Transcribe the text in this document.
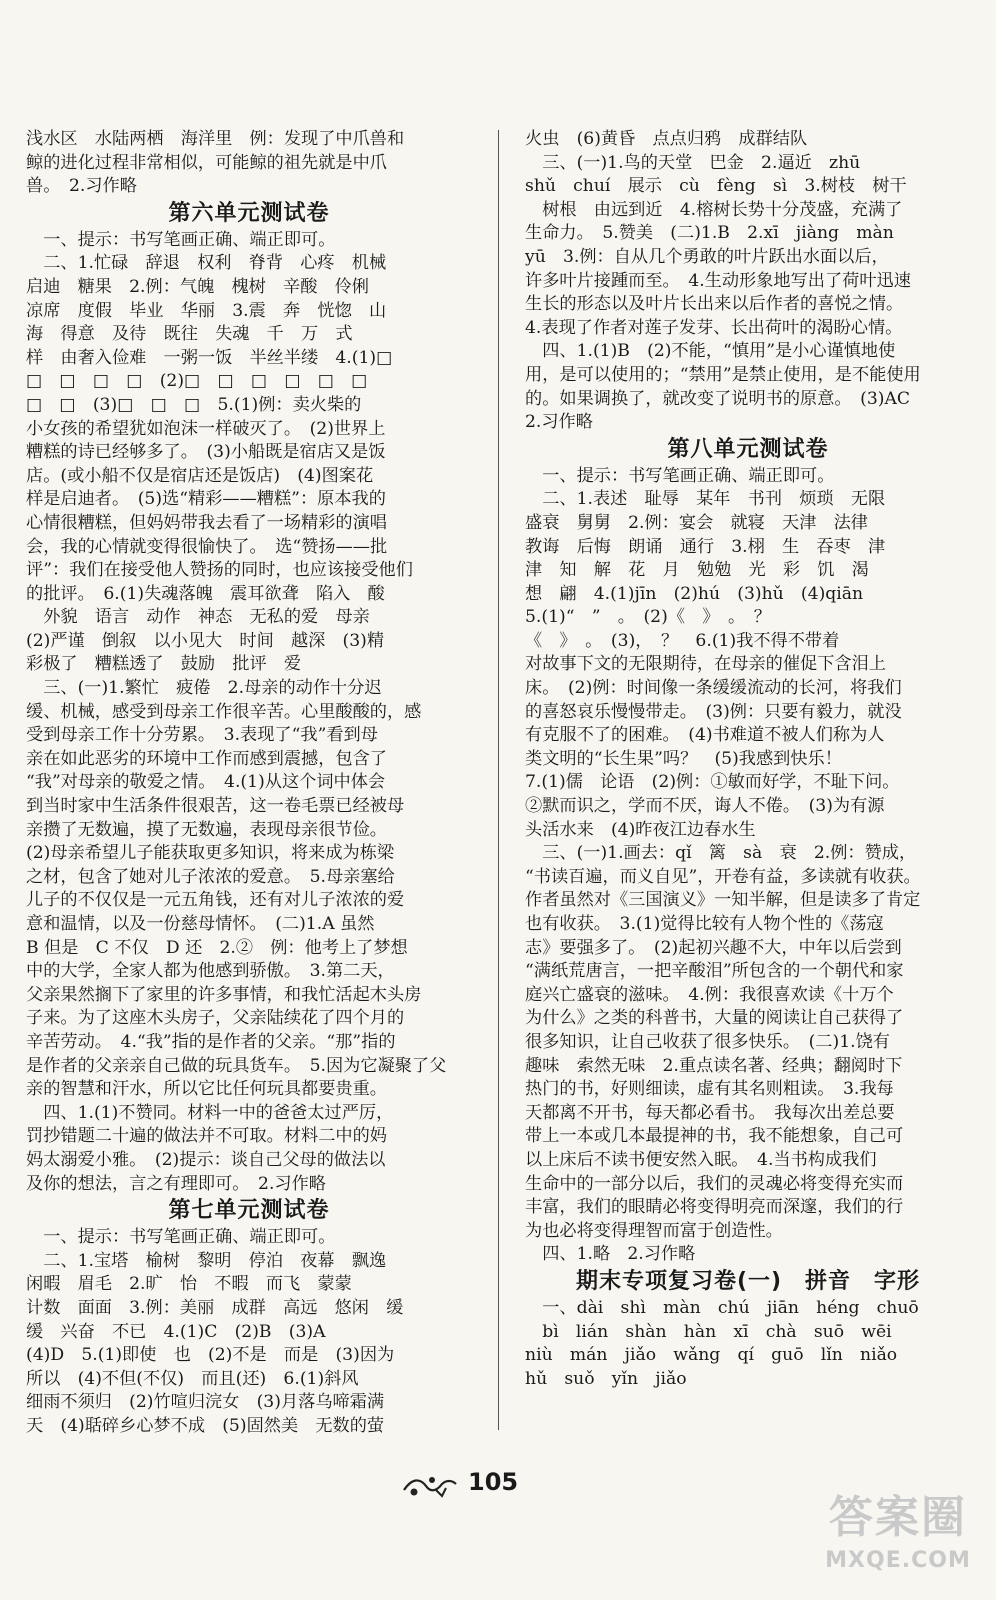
浅水区　水陆两栖　海洋里　例：发现了中爪兽和
鲸的进化过程非常相似，可能鲸的祖先就是中爪
兽。　2.习作略
第六单元测试卷
　一、提示：书写笔画正确、端正即可。
　二、1.忙碌　辞退　权利　脊背　心疼　机械
启迪　糖果　2.例：气魄　槐树　辛酸　伶俐
凉席　度假　毕业　华丽　3.震　奔　恍惚　山
海　得意　及待　既往　失魂　千　万　式
样　由奢入俭难　一粥一饭　半丝半缕　4.(1)□
□　□　□　□　(2)□　□　□　□　□　□
□　□　(3)□　□　□　5.(1)例：卖火柴的
小女孩的希望犹如泡沫一样破灭了。　(2)世界上
糟糕的诗已经够多了。　(3)小船既是宿店又是饭
店。(或小船不仅是宿店还是饭店)　(4)图案花
样是启迪者。　(5)选“精彩——糟糕”：原本我的
心情很糟糕，但妈妈带我去看了一场精彩的演唱
会，我的心情就变得很愉快了。　选“赞扬——批
评”：我们在接受他人赞扬的同时，也应该接受他们
的批评。　6.(1)失魂落魄　震耳欲聋　陷入　酸
　外貌　语言　动作　神态　无私的爱　母亲
(2)严谨　倒叙　以小见大　时间　越深　(3)精
彩极了　糟糕透了　鼓励　批评　爱
　三、(一)1.繁忙　疲倦　2.母亲的动作十分迟
缓、机械，感受到母亲工作很辛苦。心里酸酸的，感
受到母亲工作十分劳累。　3.表现了“我”看到母
亲在如此恶劣的环境中工作而感到震撼，包含了
“我”对母亲的敬爱之情。　4.(1)从这个词中体会
到当时家中生活条件很艰苦，这一卷毛票已经被母
亲攒了无数遍，摸了无数遍，表现母亲很节俭。
(2)母亲希望儿子能获取更多知识，将来成为栋梁
之材，包含了她对儿子浓浓的爱意。　5.母亲塞给
儿子的不仅仅是一元五角钱，还有对儿子浓浓的爱
意和温情，以及一份慈母情怀。　(二)1.A 虽然
B 但是　C 不仅　D 还　2.②　例：他考上了梦想
中的大学，全家人都为他感到骄傲。　3.第二天，
父亲果然搁下了家里的许多事情，和我忙活起木头房
子来。为了这座木头房子，父亲陆续花了四个月的
辛苦劳动。　4.“我”指的是作者的父亲。“那”指的
是作者的父亲亲自己做的玩具货车。　5.因为它凝聚了父
亲的智慧和汗水，所以它比任何玩具都要贵重。
　四、1.(1)不赞同。材料一中的爸爸太过严厉，
罚抄错题二十遍的做法并不可取。材料二中的妈
妈太溺爱小雅。　(2)提示：谈自己父母的做法以
及你的想法，言之有理即可。　2.习作略
第七单元测试卷
　一、提示：书写笔画正确、端正即可。
　二、1.宝塔　榆树　黎明　停泊　夜幕　飘逸
闲暇　眉毛　2.旷　怡　不暇　而飞　蒙蒙
计数　面面　3.例：美丽　成群　高远　悠闲　缓
缓　兴奋　不已　4.(1)C　(2)B　(3)A
(4)D　5.(1)即使　也　(2)不是　而是　(3)因为
所以　(4)不但(不仅)　而且(还)　6.(1)斜风
细雨不须归　(2)竹喧归浣女　(3)月落乌啼霜满
天　(4)聒碎乡心梦不成　(5)固然美　无数的萤
火虫　(6)黄昏　点点归鸦　成群结队
　三、(一)1.鸟的天堂　巴金　2.逼近　zhū
shǔ　chuí　展示　cù　fèng　sì　3.树枝　树干
　树根　由远到近　4.榕树长势十分茂盛，充满了
生命力。　5.赞美　(二)1.B　2.xī　jiàng　màn
yū　3.例：自从几个勇敢的叶片跃出水面以后，
许多叶片接踵而至。　4.生动形象地写出了荷叶迅速
生长的形态以及叶片长出来以后作者的喜悦之情。
4.表现了作者对莲子发芽、长出荷叶的渴盼心情。
　四、1.(1)B　(2)不能，“慎用”是小心谨慎地使
用，是可以使用的；“禁用”是禁止使用，是不能使用
的。如果调换了，就改变了说明书的原意。　(3)AC
2.习作略
第八单元测试卷
　一、提示：书写笔画正确、端正即可。
　二、1.表述　耻辱　某年　书刊　烦琐　无限
盛衰　舅舅　2.例：宴会　就寝　天津　法律
教诲　后悔　朗诵　通行　3.栩　生　吞枣　津
津　知　解　花　月　勉勉　光　彩　饥　渴
想　翩　4.(1)jīn　(2)hú　(3)hǔ　(4)qiān
5.(1)“　”　。　(2)《　》　。　？
《　》　。　(3)，　？　6.(1)我不得不带着
对故事下文的无限期待，在母亲的催促下含泪上
床。　(2)例：时间像一条缓缓流动的长河，将我们
的喜怒哀乐慢慢带走。　(3)例：只要有毅力，就没
有克服不了的困难。　(4)书难道不被人们称为人
类文明的“长生果”吗？　(5)我感到快乐！
7.(1)儒　论语　(2)例：①敏而好学，不耻下问。
②默而识之，学而不厌，诲人不倦。　(3)为有源
头活水来　(4)昨夜江边春水生
　三、(一)1.画去：qǐ　篱　sà　衰　2.例：赞成，
“书读百遍，而义自见”，开卷有益，多读就有收获。
作者虽然对《三国演义》一知半解，但是读多了肯定
也有收获。　3.(1)觉得比较有人物个性的《荡寇
志》要强多了。　(2)起初兴趣不大，中年以后尝到
“满纸荒唐言，一把辛酸泪”所包含的一个朝代和家
庭兴亡盛衰的滋味。　4.例：我很喜欢读《十万个
为什么》之类的科普书，大量的阅读让自己获得了
很多知识，让自己收获了很多快乐。　(二)1.饶有
趣味　索然无味　2.重点读名著、经典；翻阅时下
热门的书，好则细读，虚有其名则粗读。　3.我每
天都离不开书，每天都必看书。　我每次出差总要
带上一本或几本最提神的书，我不能想象，自己可
以上床后不读书便安然入眠。　4.当书构成我们
生命中的一部分以后，我们的灵魂必将变得充实而
丰富，我们的眼睛必将变得明亮而深邃，我们的行
为也必将变得理智而富于创造性。
　四、1.略　2.习作略
期末专项复习卷(一)　拼音　字形
　一、dài　shì　màn　chú　jiān　héng　chuō
　bì　lián　shàn　hàn　xī　chà　suō　wēi
niù　mán　jiǎo　wǎng　qí　guō　lǐn　niǎo
hǔ　suǒ　yǐn　jiǎo
105
答案圈
MXQE.COM
